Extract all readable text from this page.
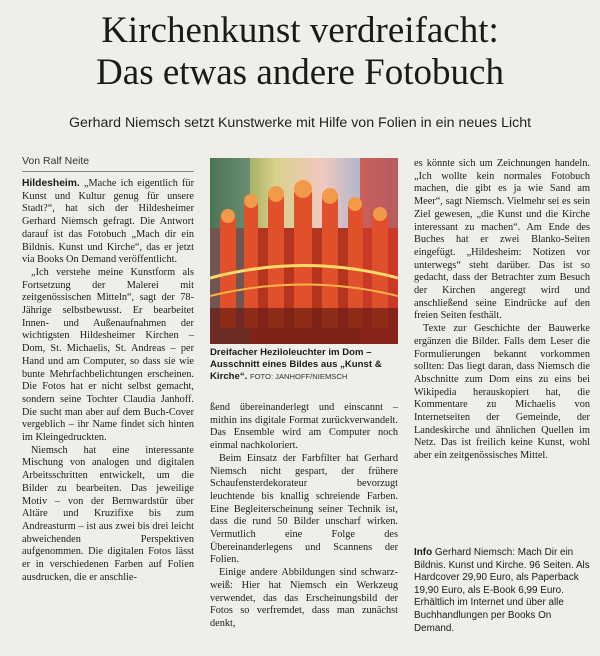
Kirchenkunst verdreifacht:
Das etwas andere Fotobuch
Gerhard Niemsch setzt Kunstwerke mit Hilfe von Folien in ein neues Licht
Von Ralf Neite

Hildesheim. „Mache ich eigentlich für Kunst und Kultur genug für unsere Stadt?“, hat sich der Hildesheimer Gerhard Niemsch gefragt. Die Antwort darauf ist das Fotobuch „Mach dir ein Bildnis. Kunst und Kirche“, das er jetzt via Books On Demand veröffentlicht.

„Ich verstehe meine Kunstform als Fortsetzung der Malerei mit zeitgenössischen Mitteln“, sagt der 78-Jährige selbstbewusst. Er bearbeitet Innen- und Außenaufnahmen der wichtigsten Hildesheimer Kirchen – Dom, St. Michaelis, St. Andreas – per Hand und am Computer, so dass sie wie bunte Mehrfachbelichtungen erscheinen. Die Fotos hat er nicht selbst gemacht, sondern seine Tochter Claudia Janhoff. Die sucht man aber auf dem Buch-Cover vergeblich – ihr Name findet sich hinten im Kleingedruckten.

Niemsch hat eine interessante Mischung von analogen und digitalen Arbeitsschritten entwickelt, um die Bilder zu bearbeiten. Das jeweilige Motiv – von der Bernwardstür über Altäre und Kruzifixe bis zum Andreasturm – ist aus zwei bis drei leicht abweichenden Perspektiven aufgenommen. Die digitalen Fotos lässt er in verschiedenen Farben auf Folien ausdrucken, die er anschlie-

Dreifacher Heziloleuchter im Dom – Ausschnitt eines Bildes aus „Kunst & Kirche“. FOTO: JANHOFF/NIEMSCH

ßend übereinanderlegt und einscannt – mithin ins digitale Format zurückverwandelt. Das Ensemble wird am Computer noch einmal nachkoloriert.

Beim Einsatz der Farbfilter hat Gerhard Niemsch nicht gespart, der frühere Schaufensterdekorateur bevorzugt leuchtende bis knallig schreiende Farben. Eine Begleiterscheinung seiner Technik ist, dass die rund 50 Bilder unscharf wirken. Vermutlich eine Folge des Übereinanderlegens und Scannens der Folien.

Einige andere Abbildungen sind schwarz-weiß: Hier hat Niemsch ein Werkzeug verwendet, das das Erscheinungsbild der Fotos so verfremdet, dass man zunächst denkt,

es könnte sich um Zeichnungen handeln. „Ich wollte kein normales Fotobuch machen, die gibt es ja wie Sand am Meer“, sagt Niemsch. Vielmehr sei es sein Ziel gewesen, „die Kunst und die Kirche interessant zu machen“. Am Ende des Buches hat er zwei Blanko-Seiten eingefügt. „Hildesheim: Notizen vor unterwegs“ steht darüber. Das ist so gedacht, dass der Betrachter zum Besuch der Kirchen angeregt wird und anschließend seine Eindrücke auf den freien Seiten festhält.

Texte zur Geschichte der Bauwerke ergänzen die Bilder. Falls dem Leser die Formulierungen bekannt vorkommen sollten: Das liegt daran, dass Niemsch die Abschnitte zum Dom eins zu eins bei Wikipedia herauskopiert hat, die Kommentare zu Michaelis von Internetseiten der Gemeinde, der Landeskirche und ähnlichen Quellen im Netz. Das ist freilich keine Kunst, wohl aber ein zeitgenössisches Mittel.

Info Gerhard Niemsch: Mach Dir ein Bildnis. Kunst und Kirche. 96 Seiten. Als Hardcover 29,90 Euro, als Paperback 19,90 Euro, als E-Book 6,99 Euro. Erhältlich im Internet und über alle Buchhandlungen per Books On Demand.
